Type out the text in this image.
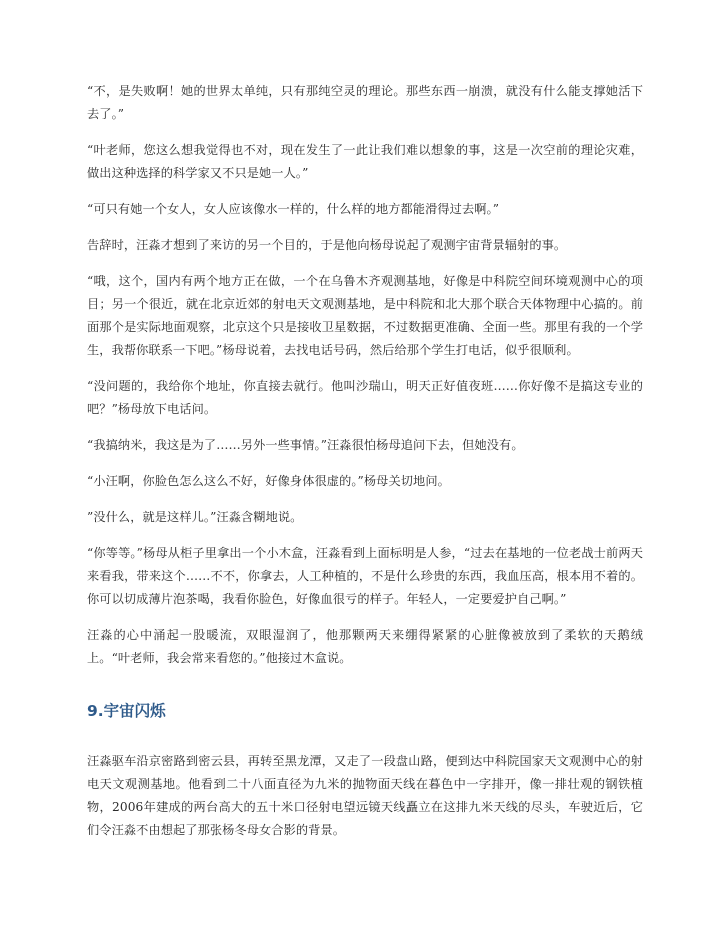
“不，是失败啊！她的世界太单纯，只有那纯空灵的理论。那些东西一崩溃，就没有什么能支撑她活下去了。”

“叶老师，您这么想我觉得也不对，现在发生了一此让我们难以想象的事，这是一次空前的理论灾难，做出这种选择的科学家又不只是她一人。”

“可只有她一个女人，女人应该像水一样的，什么样的地方都能滑得过去啊。”

告辞时，汪淼才想到了来访的另一个目的，于是他向杨母说起了观测宇宙背景辐射的事。

“哦，这个，国内有两个地方正在做，一个在乌鲁木齐观测基地，好像是中科院空间环境观测中心的项目；另一个很近，就在北京近郊的射电天文观测基地，是中科院和北大那个联合天体物理中心搞的。前面那个是实际地面观察，北京这个只是接收卫星数据，不过数据更准确、全面一些。那里有我的一个学生，我帮你联系一下吧。”杨母说着，去找电话号码，然后给那个学生打电话，似乎很顺利。

“没问题的，我给你个地址，你直接去就行。他叫沙瑞山，明天正好值夜班……你好像不是搞这专业的吧？”杨母放下电话问。

“我搞纳米，我这是为了……另外一些事情。”汪淼很怕杨母追问下去，但她没有。

“小汪啊，你脸色怎么这么不好，好像身体很虚的。”杨母关切地问。

”没什么，就是这样儿。”汪淼含糊地说。

“你等等。”杨母从柜子里拿出一个小木盒，汪淼看到上面标明是人参，“过去在基地的一位老战士前两天来看我，带来这个……不不，你拿去，人工种植的，不是什么珍贵的东西，我血压高，根本用不着的。你可以切成薄片泡茶喝，我看你脸色，好像血很亏的样子。年轻人，一定要爱护自己啊。”

汪淼的心中涌起一股暖流，双眼湿润了，他那颗两天来绷得紧紧的心脏像被放到了柔软的天鹅绒上。“叶老师，我会常来看您的。”他接过木盒说。

9.宇宙闪烁

汪淼驱车沿京密路到密云县，再转至黑龙潭，又走了一段盘山路，便到达中科院国家天文观测中心的射电天文观测基地。他看到二十八面直径为九米的抛物面天线在暮色中一字排开，像一排壮观的钢铁植物，2006年建成的两台高大的五十米口径射电望远镜天线矗立在这排九米天线的尽头，车驶近后，它们令汪淼不由想起了那张杨冬母女合影的背景。
